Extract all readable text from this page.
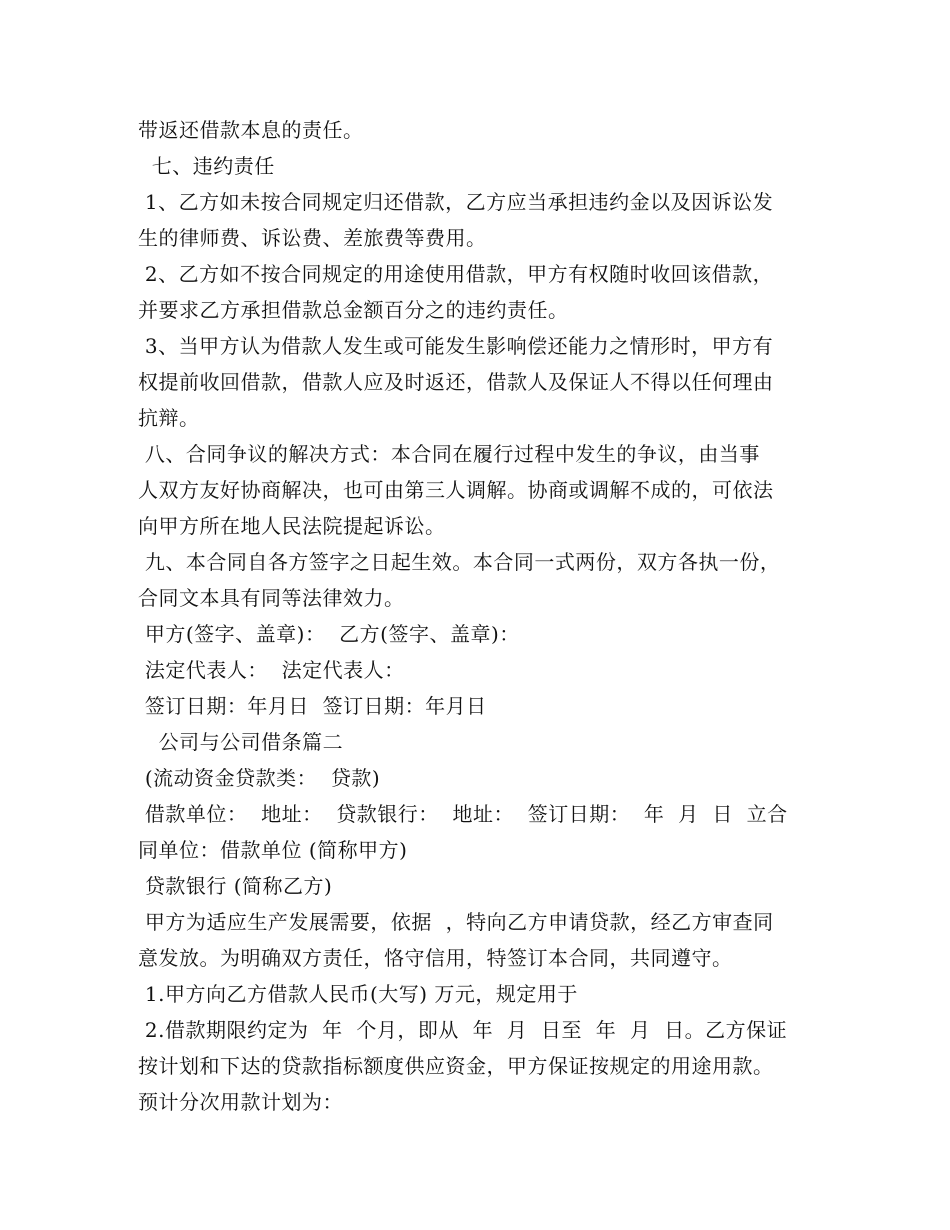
带返还借款本息的责任。
七、违约责任
1、乙方如未按合同规定归还借款，乙方应当承担违约金以及因诉讼发
生的律师费、诉讼费、差旅费等费用。
2、乙方如不按合同规定的用途使用借款，甲方有权随时收回该借款，
并要求乙方承担借款总金额百分之的违约责任。
3、当甲方认为借款人发生或可能发生影响偿还能力之情形时，甲方有
权提前收回借款，借款人应及时返还，借款人及保证人不得以任何理由
抗辩。
八、合同争议的解决方式：本合同在履行过程中发生的争议，由当事
人双方友好协商解决，也可由第三人调解。协商或调解不成的，可依法
向甲方所在地人民法院提起诉讼。
九、本合同自各方签字之日起生效。本合同一式两份，双方各执一份，
合同文本具有同等法律效力。
甲方(签字、盖章)：  乙方(签字、盖章)：
法定代表人：  法定代表人：
签订日期：年月日  签订日期：年月日
公司与公司借条篇二
(流动资金贷款类：  贷款)
借款单位：  地址：  贷款银行：  地址：  签订日期：  年  月  日  立合
同单位：借款单位 (简称甲方)
贷款银行 (简称乙方)
甲方为适应生产发展需要，依据  ，特向乙方申请贷款，经乙方审查同
意发放。为明确双方责任，恪守信用，特签订本合同，共同遵守。
1.甲方向乙方借款人民币(大写) 万元，规定用于
2.借款期限约定为  年  个月，即从  年  月  日至  年  月  日。乙方保证
按计划和下达的贷款指标额度供应资金，甲方保证按规定的用途用款。
预计分次用款计划为：
